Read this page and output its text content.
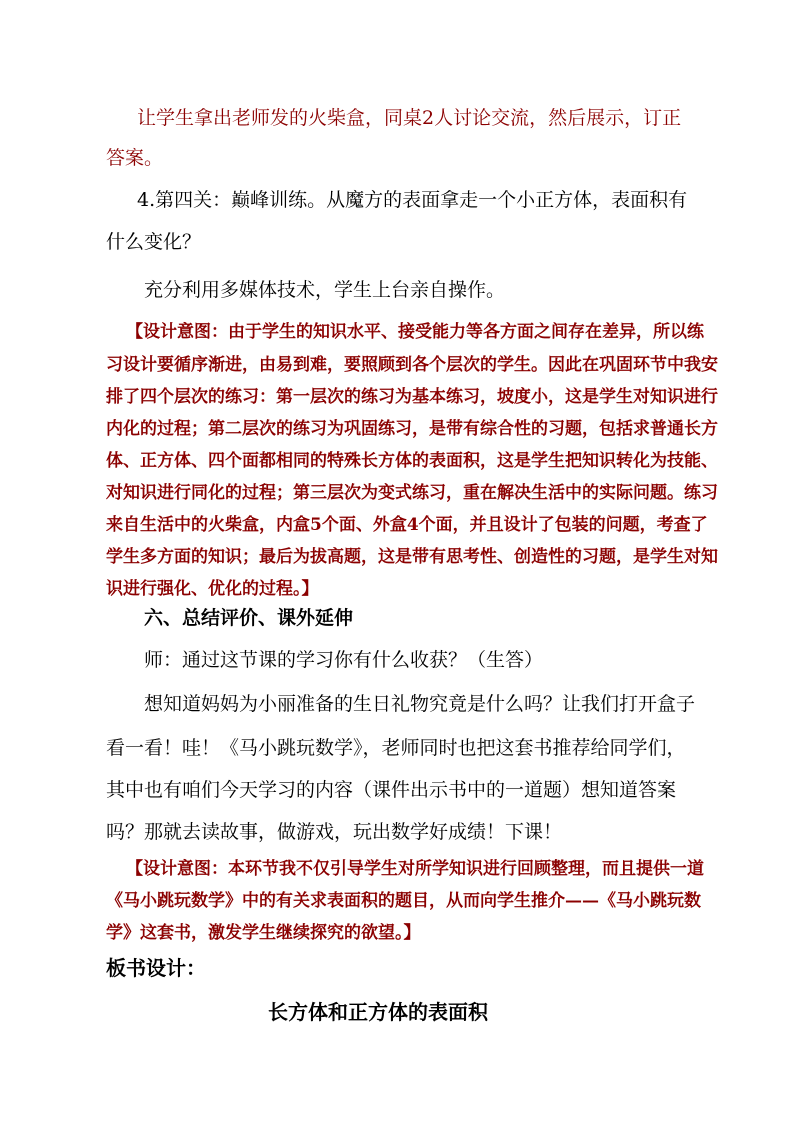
让学生拿出老师发的火柴盒，同桌2人讨论交流，然后展示，订正
答案。
4.第四关：巅峰训练。从魔方的表面拿走一个小正方体，表面积有
什么变化？
充分利用多媒体技术，学生上台亲自操作。
【设计意图：由于学生的知识水平、接受能力等各方面之间存在差异，所以练
习设计要循序渐进，由易到难，要照顾到各个层次的学生。因此在巩固环节中我安
排了四个层次的练习：第一层次的练习为基本练习，坡度小，这是学生对知识进行
内化的过程；第二层次的练习为巩固练习，是带有综合性的习题，包括求普通长方
体、正方体、四个面都相同的特殊长方体的表面积，这是学生把知识转化为技能、
对知识进行同化的过程；第三层次为变式练习，重在解决生活中的实际问题。练习
来自生活中的火柴盒，内盒5个面、外盒4个面，并且设计了包装的问题，考查了
学生多方面的知识；最后为拔高题，这是带有思考性、创造性的习题，是学生对知
识进行强化、优化的过程。】
六、总结评价、课外延伸
师：通过这节课的学习你有什么收获？（生答）
想知道妈妈为小丽准备的生日礼物究竟是什么吗？让我们打开盒子
看一看！哇！《马小跳玩数学》，老师同时也把这套书推荐给同学们，
其中也有咱们今天学习的内容（课件出示书中的一道题）想知道答案
吗？那就去读故事，做游戏，玩出数学好成绩！下课！
【设计意图：本环节我不仅引导学生对所学知识进行回顾整理，而且提供一道
《马小跳玩数学》中的有关求表面积的题目，从而向学生推介——《马小跳玩数
学》这套书，激发学生继续探究的欲望。】
板书设计：
长方体和正方体的表面积
